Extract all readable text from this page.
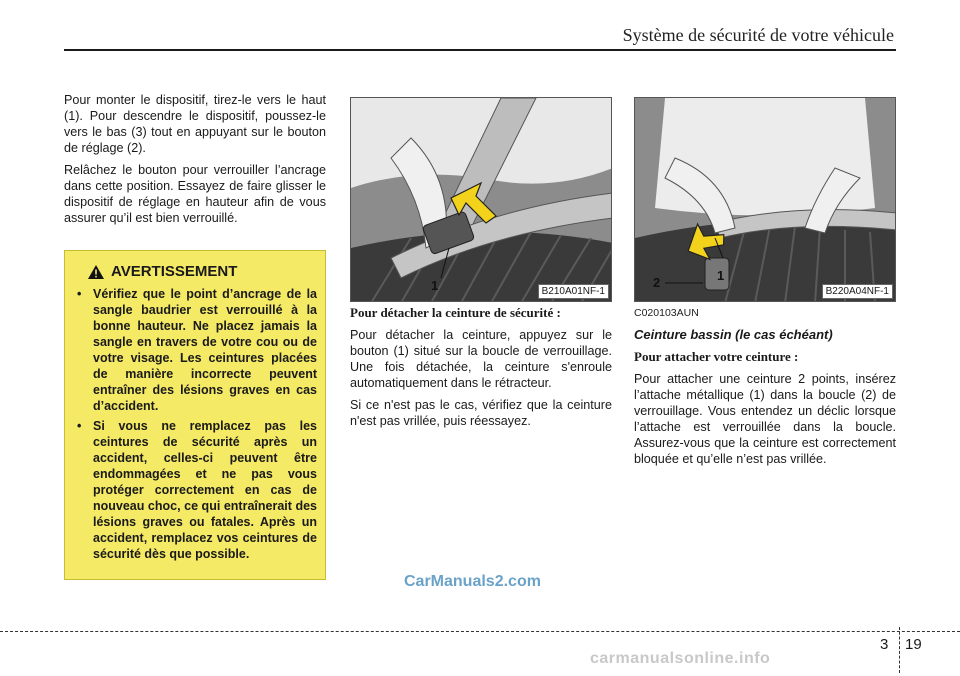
Système de sécurité de votre véhicule

Pour monter le dispositif, tirez-le vers le haut (1). Pour descendre le dispositif, poussez-le vers le bas (3) tout en appuyant sur le bouton de réglage (2).

Relâchez le bouton pour verrouiller l’ancrage dans cette position. Essayez de faire glisser le dispositif de réglage en hauteur afin de vous assurer qu’il est bien verrouillé.

AVERTISSEMENT
• Vérifiez que le point d’ancrage de la sangle baudrier est verrouillé à la bonne hauteur. Ne placez jamais la sangle en travers de votre cou ou de votre visage. Les ceintures placées de manière incorrecte peuvent entraîner des lésions graves en cas d’accident.
• Si vous ne remplacez pas les ceintures de sécurité après un accident, celles-ci peuvent être endommagées et ne pas vous protéger correctement en cas de nouveau choc, ce qui entraînerait des lésions graves ou fatales. Après un accident, remplacez vos ceintures de sécurité dès que possible.
1	B210A01NF-1
2	1
B220A04NF-1

Pour détacher la ceinture de sécurité :

Pour détacher la ceinture, appuyez sur le bouton (1) situé sur la boucle de verrouillage. Une fois détachée, la ceinture s'enroule automatiquement dans le rétracteur.

Si ce n'est pas le cas, vérifiez que la ceinture n'est pas vrillée, puis réessayez.

C020103AUN

Ceinture bassin (le cas échéant)

Pour attacher votre ceinture :

Pour attacher une ceinture 2 points, insérez l’attache métallique (1) dans la boucle (2) de verrouillage. Vous entendez un déclic lorsque l’attache est verrouillée dans la boucle. Assurez-vous que la ceinture est correctement bloquée et qu’elle n’est pas vrillée.

CarManuals2.com
3 19
carmanualsonline.info
